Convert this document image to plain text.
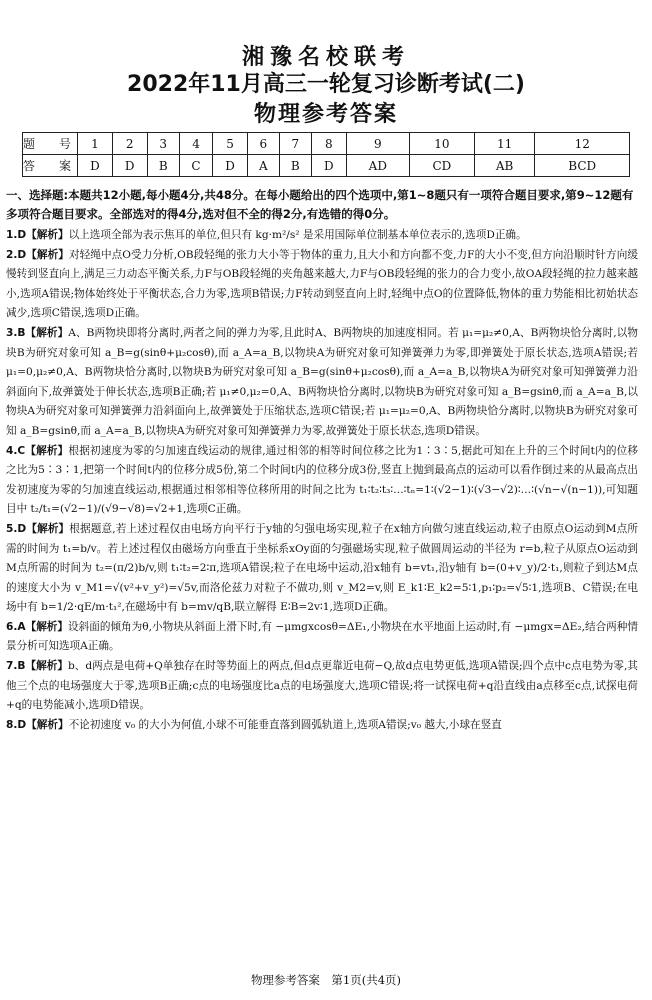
湘豫名校联考
2022年11月高三一轮复习诊断考试(二)
物理参考答案
题　号	1	2	3	4	5	6	7	8	9	10	11	12
答　案	D	D	B	C	D	A	B	D	AD	CD	AB	BCD
一、选择题:本题共12小题,每小题4分,共48分。在每小题给出的四个选项中,第1~8题只有一项符合题目要求,第9~12题有多项符合题目要求。全部选对的得4分,选对但不全的得2分,有选错的得0分。

1.D【解析】以上选项全部为表示焦耳的单位,但只有 kg·m²/s² 是采用国际单位制基本单位表示的,选项D正确。

2.D【解析】对轻绳中点O受力分析,OB段轻绳的张力大小等于物体的重力,且大小和方向都不变,力F的大小不变,但方向沿顺时针方向缓慢转到竖直向上,满足三力动态平衡关系,力F与OB段轻绳的夹角越来越大,力F与OB段轻绳的张力的合力变小,故OA段轻绳的拉力越来越小,选项A错误;物体始终处于平衡状态,合力为零,选项B错误;力F转动到竖直向上时,轻绳中点O的位置降低,物体的重力势能相比初始状态减少,选项C错误,选项D正确。

3.B【解析】A、B两物块即将分离时,两者之间的弹力为零,且此时A、B两物块的加速度相同。若 μ₁=μ₂≠0,A、B两物块恰分离时,以物块B为研究对象可知 a_B=g(sinθ+μ₂cosθ),而 a_A=a_B,以物块A为研究对象可知弹簧弹力为零,即弹簧处于原长状态,选项A错误;若 μ₁=0,μ₂≠0,A、B两物块恰分离时,以物块B为研究对象可知 a_B=g(sinθ+μ₂cosθ),而 a_A=a_B,以物块A为研究对象可知弹簧弹力沿斜面向下,故弹簧处于伸长状态,选项B正确;若 μ₁≠0,μ₂=0,A、B两物块恰分离时,以物块B为研究对象可知 a_B=gsinθ,而 a_A=a_B,以物块A为研究对象可知弹簧弹力沿斜面向上,故弹簧处于压缩状态,选项C错误;若 μ₁=μ₂=0,A、B两物块恰分离时,以物块B为研究对象可知 a_B=gsinθ,而 a_A=a_B,以物块A为研究对象可知弹簧弹力为零,故弹簧处于原长状态,选项D错误。

4.C【解析】根据初速度为零的匀加速直线运动的规律,通过相邻的相等时间位移之比为1∶3∶5,据此可知在上升的三个时间t内的位移之比为5∶3∶1,把第一个时间t内的位移分成5份,第二个时间t内的位移分成3份,竖直上抛到最高点的运动可以看作倒过来的从最高点出发初速度为零的匀加速直线运动,根据通过相邻相等位移所用的时间之比为 t₁∶t₂∶t₃∶…∶tₙ=1∶(√2−1)∶(√3−√2)∶…∶(√n−√(n−1)),可知题目中 t₂/t₁=(√2−1)/(√9−√8)=√2+1,选项C正确。

5.D【解析】根据题意,若上述过程仅由电场方向平行于y轴的匀强电场实现,粒子在x轴方向做匀速直线运动,粒子由原点O运动到M点所需的时间为 t₁=b/v。若上述过程仅由磁场方向垂直于坐标系xOy面的匀强磁场实现,粒子做圆周运动的半径为 r=b,粒子从原点O运动到M点所需的时间为 t₂=(π/2)b/v,则 t₁∶t₂=2∶π,选项A错误;粒子在电场中运动,沿x轴有 b=vt₁,沿y轴有 b=(0+v_y)/2·t₁,则粒子到达M点的速度大小为 v_M1=√(v²+v_y²)=√5v,而洛伦兹力对粒子不做功,则 v_M2=v,则 E_k1∶E_k2=5∶1,p₁∶p₂=√5∶1,选项B、C错误;在电场中有 b=1/2·qE/m·t₁²,在磁场中有 b=mv/qB,联立解得 E∶B=2v∶1,选项D正确。

6.A【解析】设斜面的倾角为θ,小物块从斜面上滑下时,有 −μmgxcosθ=ΔE₁,小物块在水平地面上运动时,有 −μmgx=ΔE₂,结合两种情景分析可知选项A正确。

7.B【解析】b、d两点是电荷+Q单独存在时等势面上的两点,但d点更靠近电荷−Q,故d点电势更低,选项A错误;四个点中c点电势为零,其他三个点的电场强度大于零,选项B正确;c点的电场强度比a点的电场强度大,选项C错误;将一试探电荷+q沿直线由a点移至c点,试探电荷+q的电势能减小,选项D错误。

8.D【解析】不论初速度 v₀ 的大小为何值,小球不可能垂直落到圆弧轨道上,选项A错误;v₀ 越大,小球在竖直

物理参考答案　第1页(共4页)
